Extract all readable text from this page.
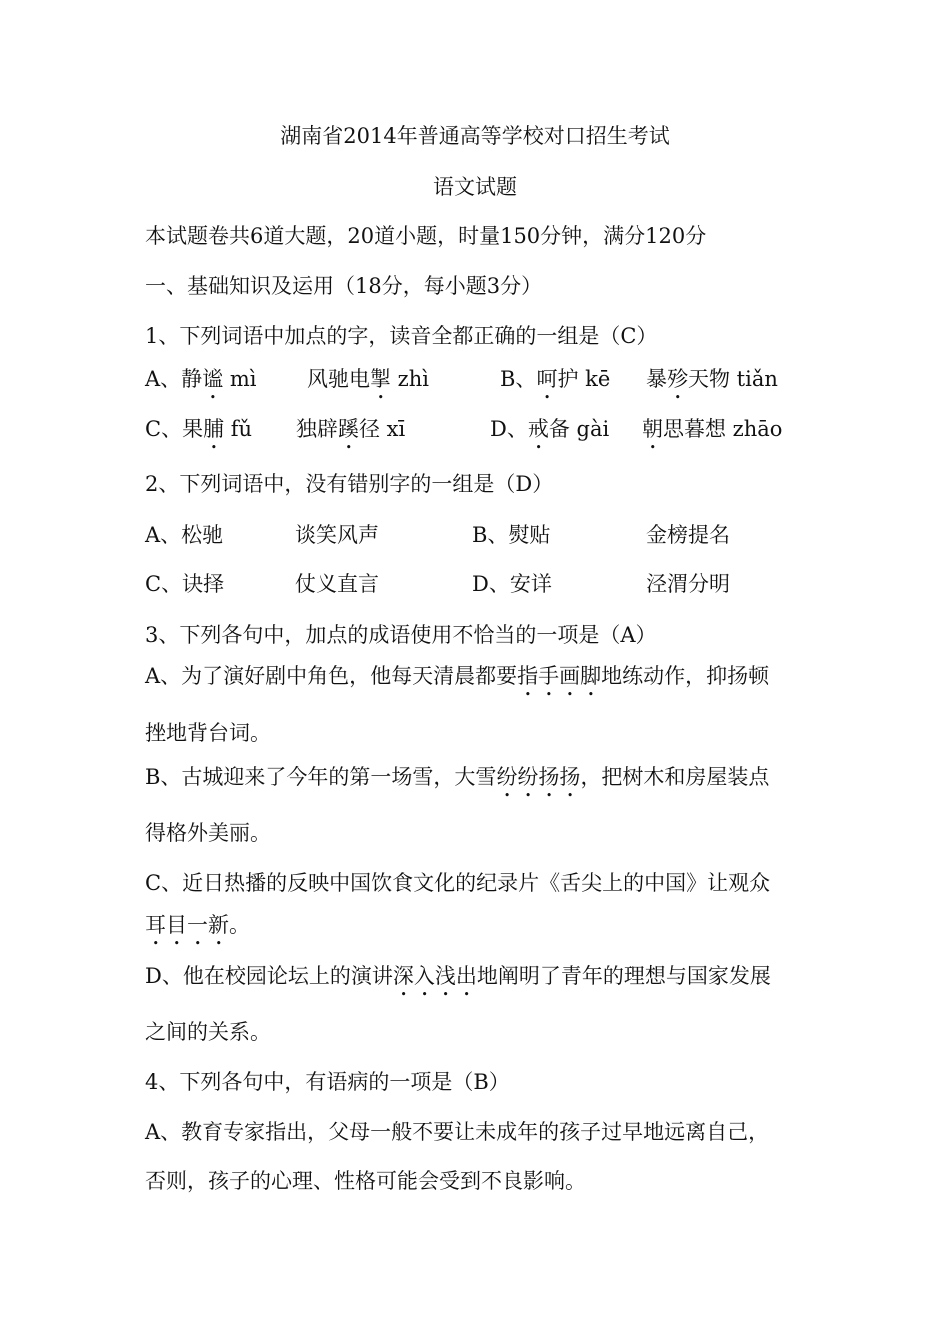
湖南省2014年普通高等学校对口招生考试
语文试题
本试题卷共6道大题，20道小题，时量150分钟，满分120分
一、基础知识及运用（18分，每小题3分）
1、下列词语中加点的字，读音全都正确的一组是（C）
A、静谧 mì 风驰电掣 zhì	B、呵护 kē 暴殄天物 tiǎn
C、果脯 fǔ 独辟蹊径 xī	D、戒备 gài 朝思暮想 zhāo
2、下列词语中，没有错别字的一组是（D）
A、松驰	谈笑风声	B、熨贴	金榜提名
C、诀择	仗义直言	D、安详	泾渭分明
3、下列各句中，加点的成语使用不恰当的一项是（A）
A、为了演好剧中角色，他每天清晨都要指手画脚地练动作，抑扬顿
挫地背台词。
B、古城迎来了今年的第一场雪，大雪纷纷扬扬，把树木和房屋装点
得格外美丽。
C、近日热播的反映中国饮食文化的纪录片《舌尖上的中国》让观众
耳目一新。
D、他在校园论坛上的演讲深入浅出地阐明了青年的理想与国家发展
之间的关系。
4、下列各句中，有语病的一项是（B）
A、教育专家指出，父母一般不要让未成年的孩子过早地远离自己，
否则，孩子的心理、性格可能会受到不良影响。
